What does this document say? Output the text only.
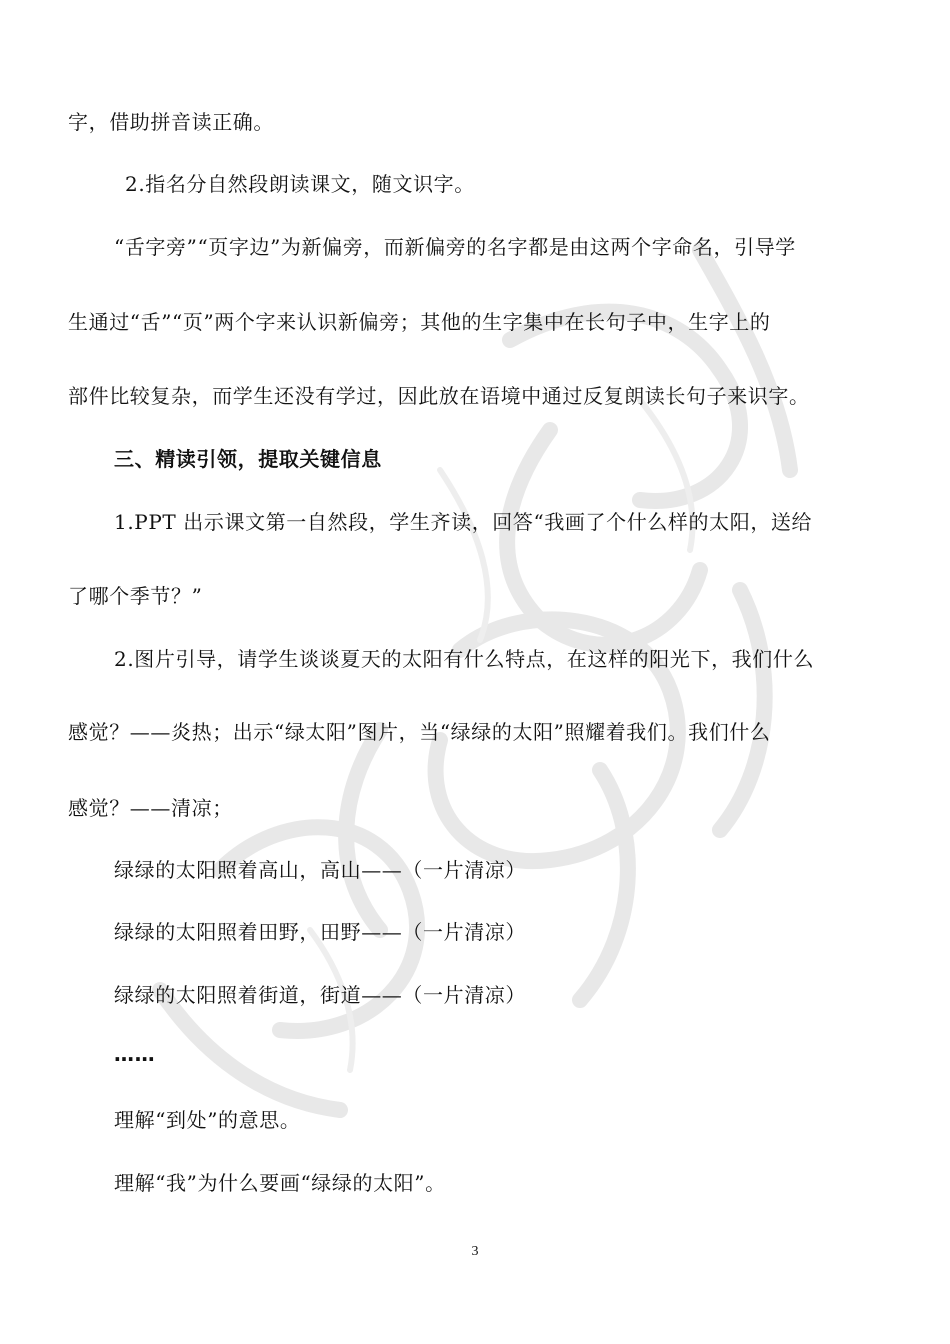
字，借助拼音读正确。
2.指名分自然段朗读课文，随文识字。
“舌字旁”“页字边”为新偏旁，而新偏旁的名字都是由这两个字命名，引导学
生通过“舌”“页”两个字来认识新偏旁；其他的生字集中在长句子中，生字上的
部件比较复杂，而学生还没有学过，因此放在语境中通过反复朗读长句子来识字。
三、精读引领，提取关键信息
1.PPT 出示课文第一自然段，学生齐读，回答“我画了个什么样的太阳，送给
了哪个季节？”
2.图片引导，请学生谈谈夏天的太阳有什么特点，在这样的阳光下，我们什么
感觉？——炎热；出示“绿太阳”图片，当“绿绿的太阳”照耀着我们。我们什么
感觉？——清凉；
绿绿的太阳照着高山，高山——（一片清凉）
绿绿的太阳照着田野，田野——（一片清凉）
绿绿的太阳照着街道，街道——（一片清凉）
……
理解“到处”的意思。
理解“我”为什么要画“绿绿的太阳”。
3
